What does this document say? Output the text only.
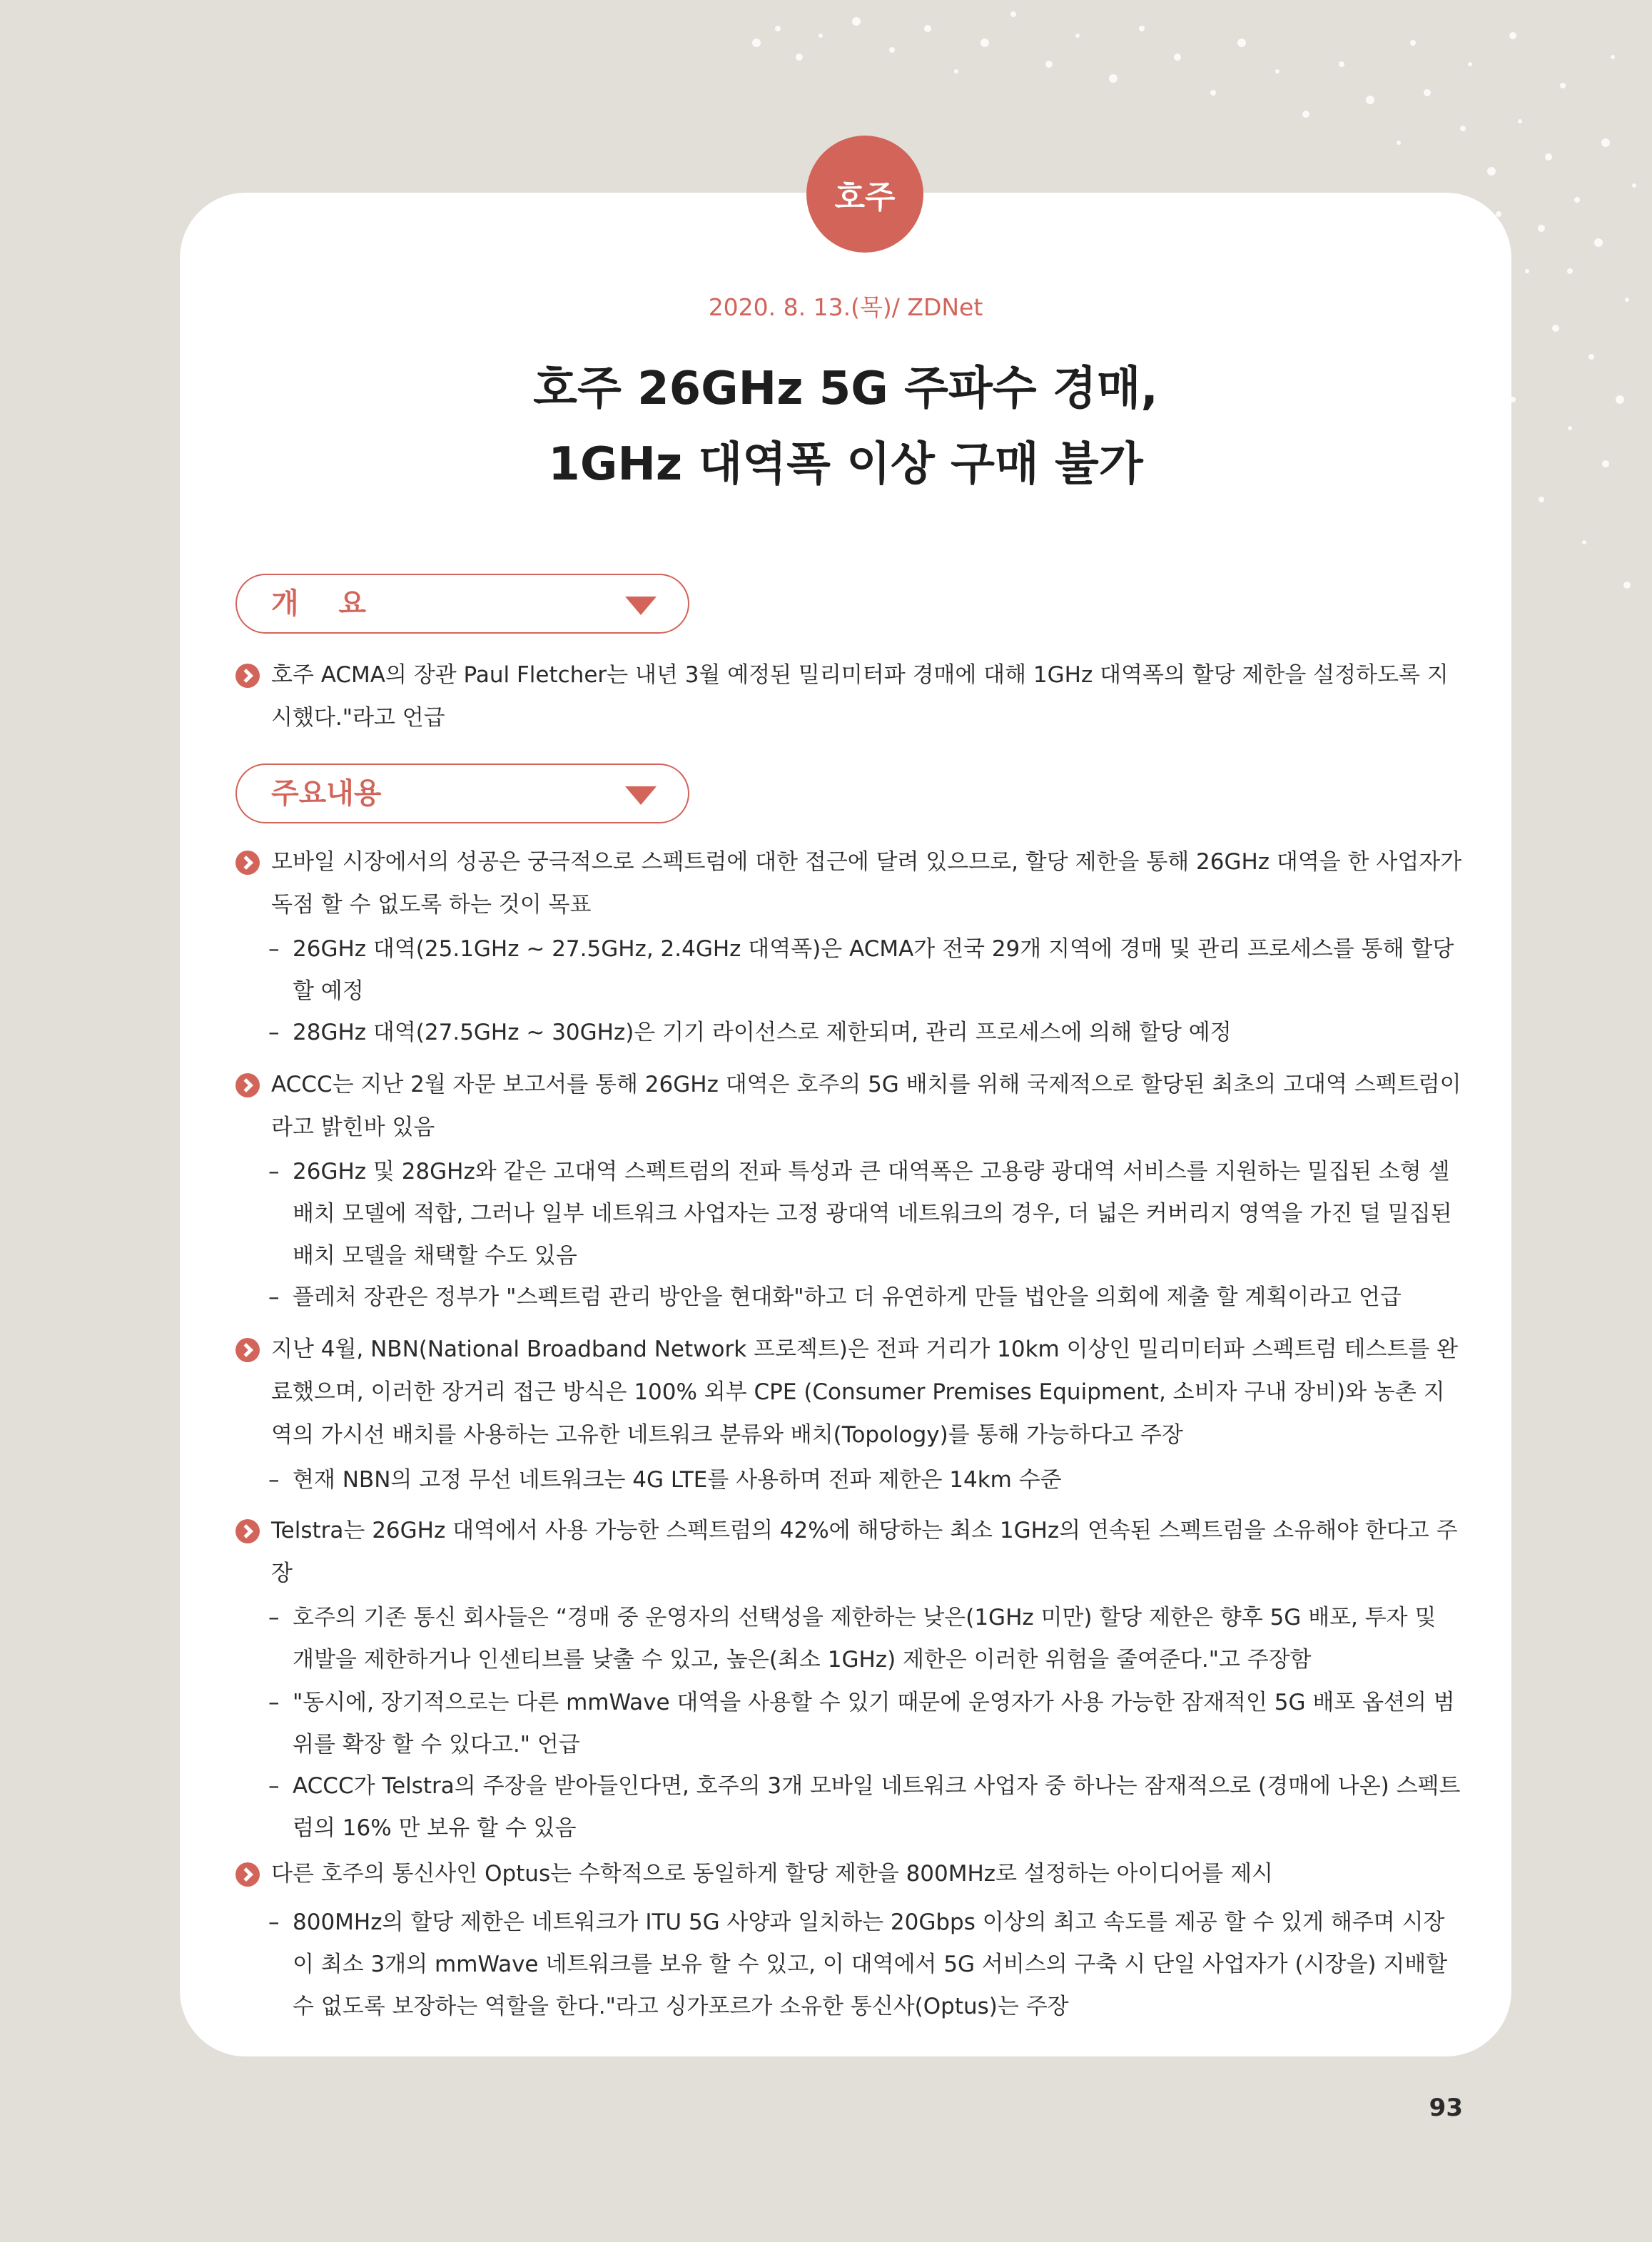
호주
2020. 8. 13.(목)/ ZDNet
호주 26GHz 5G 주파수 경매,
1GHz 대역폭 이상 구매 불가
개    요
호주 ACMA의 장관 Paul Fletcher는 내년 3월 예정된 밀리미터파 경매에 대해 1GHz 대역폭의 할당 제한을 설정하도록 지시했다."라고 언급
주요내용
모바일 시장에서의 성공은 궁극적으로 스펙트럼에 대한 접근에 달려 있으므로, 할당 제한을 통해 26GHz 대역을 한 사업자가 독점 할 수 없도록 하는 것이 목표
– 26GHz 대역(25.1GHz ~ 27.5GHz, 2.4GHz 대역폭)은 ACMA가 전국 29개 지역에 경매 및 관리 프로세스를 통해 할당할 예정
– 28GHz 대역(27.5GHz ~ 30GHz)은 기기 라이선스로 제한되며, 관리 프로세스에 의해 할당 예정
ACCC는 지난 2월 자문 보고서를 통해 26GHz 대역은 호주의 5G 배치를 위해 국제적으로 할당된 최초의 고대역 스펙트럼이라고 밝힌바 있음
– 26GHz 및 28GHz와 같은 고대역 스펙트럼의 전파 특성과 큰 대역폭은 고용량 광대역 서비스를 지원하는 밀집된 소형 셀 배치 모델에 적합, 그러나 일부 네트워크 사업자는 고정 광대역 네트워크의 경우, 더 넓은 커버리지 영역을 가진 덜 밀집된 배치 모델을 채택할 수도 있음
– 플레처 장관은 정부가 "스펙트럼 관리 방안을 현대화"하고 더 유연하게 만들 법안을 의회에 제출 할 계획이라고 언급
지난 4월, NBN(National Broadband Network 프로젝트)은 전파 거리가 10km 이상인 밀리미터파 스펙트럼 테스트를 완료했으며, 이러한 장거리 접근 방식은 100% 외부 CPE (Consumer Premises Equipment, 소비자 구내 장비)와 농촌 지역의 가시선 배치를 사용하는 고유한 네트워크 분류와 배치(Topology)를 통해 가능하다고 주장
– 현재 NBN의 고정 무선 네트워크는 4G LTE를 사용하며 전파 제한은 14km 수준
Telstra는 26GHz 대역에서 사용 가능한 스펙트럼의 42%에 해당하는 최소 1GHz의 연속된 스펙트럼을 소유해야 한다고 주장
– 호주의 기존 통신 회사들은 “경매 중 운영자의 선택성을 제한하는 낮은(1GHz 미만) 할당 제한은 향후 5G 배포, 투자 및 개발을 제한하거나 인센티브를 낮출 수 있고, 높은(최소 1GHz) 제한은 이러한 위험을 줄여준다."고 주장함
– "동시에, 장기적으로는 다른 mmWave 대역을 사용할 수 있기 때문에 운영자가 사용 가능한 잠재적인 5G 배포 옵션의 범위를 확장 할 수 있다고." 언급
– ACCC가 Telstra의 주장을 받아들인다면, 호주의 3개 모바일 네트워크 사업자 중 하나는 잠재적으로 (경매에 나온) 스펙트럼의 16% 만 보유 할 수 있음
다른 호주의 통신사인 Optus는 수학적으로 동일하게 할당 제한을 800MHz로 설정하는 아이디어를 제시
– 800MHz의 할당 제한은 네트워크가 ITU 5G 사양과 일치하는 20Gbps 이상의 최고 속도를 제공 할 수 있게 해주며 시장이 최소 3개의 mmWave 네트워크를 보유 할 수 있고, 이 대역에서 5G 서비스의 구축 시 단일 사업자가 (시장을) 지배할 수 없도록 보장하는 역할을 한다."라고 싱가포르가 소유한 통신사(Optus)는 주장
93
